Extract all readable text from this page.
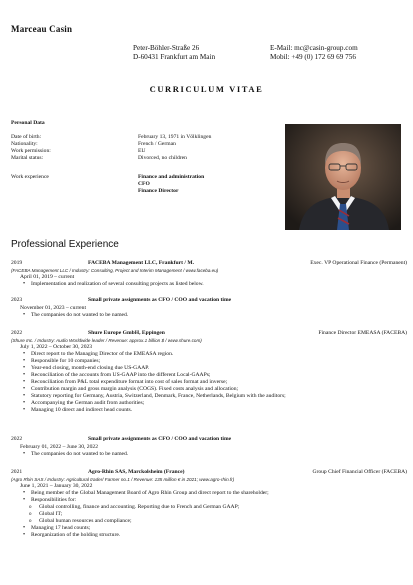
Marceau Casin
Peter-Böhler-Straße 26
D-60431 Frankfurt am Main
E-Mail: mc@casin-group.com
Mobil: +49 (0) 172 69 69 756
CURRICULUM VITAE
Personal Data
Date of birth:	February 13, 1971 in Völklingen
Nationality:	French / German
Work permission:	EU
Marital status:	Divorced, no children
Work experience	Finance and administration
CFO
Finance Director
Professional Experience
2019	FACEBA Management LLC, Frankfurt / M.	Exec. VP Operational Finance (Permanent)
(FACEBA Management LLC / Industry: Consulting, Project and Interim Management / www.faceba.eu)
April 01, 2019 – current
• Implementation and realization of several consulting projects as listed below.
2023	Small private assignments as CFO / COO and vacation time
November 01, 2023 – current
• The companies do not wanted to be named.
2022	Shure Europe GmbH, Eppingen	Finance Director EMEASA (FACEBA)
(Shure Inc. / Industry: Audio Worldwide leader / Revenue: approx.1 billion $ / www.shure.com)
July 1, 2022 – October 30, 2023
• Direct report to the Managing Director of the EMEASA region.
• Responsible for 10 companies;
• Year-end closing, month-end closing due US-GAAP.
• Reconciliation of the accounts from US-GAAP into the different Local-GAAPs;
• Reconciliation from P&L total expenditure format into cost of sales format and inverse;
• Contribution margin and gross margin analysis (COGS). Fixed costs analysis and allocation;
• Statutory reporting for Germany, Austria, Switzerland, Denmark, France, Netherlands, Belgium with the auditors;
• Accompanying the German audit from authorities;
• Managing 10 direct and indirect head counts.
2022	Small private assignments as CFO / COO and vacation time
February 01, 2022 – June 30, 2022
• The companies do not wanted to be named.
2021	Agro-Rhin SAS, Marckolsheim (France)	Group Chief Financial Officer (FACEBA)
(Agro Rhin SAS / Industry: Agricultural trader/ Farmer no.1 / Revenue: 135 million € in 2021; www.agro-rhin.fr)
June 1, 2021 – January 30, 2022
• Being member of the Global Management Board of Agro Rhin Group and direct report to the shareholder;
• Responsibilities for:
o Global controlling, finance and accounting. Reporting due to French and German GAAP;
o Global IT;
o Global human resources and compliance;
• Managing 17 head counts;
• Reorganization of the holding structure.
